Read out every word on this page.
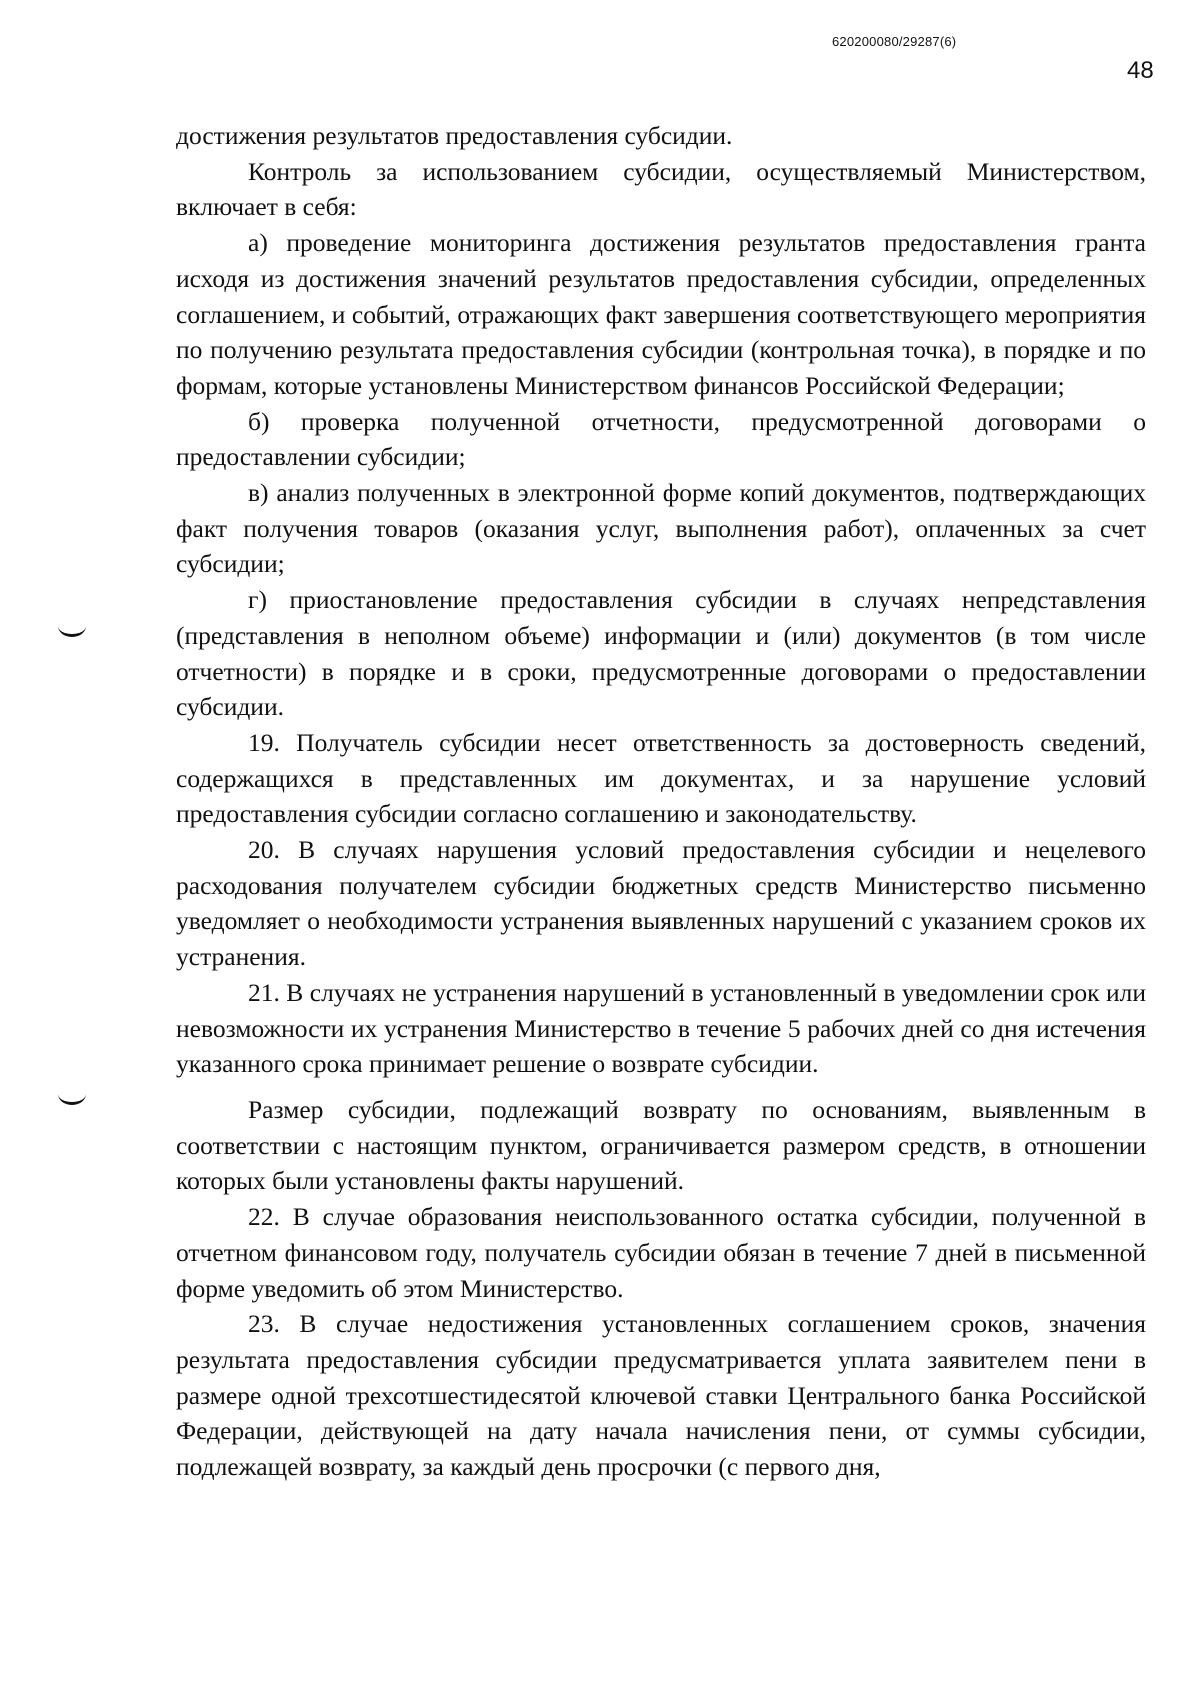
620200080/29287(6)
48

достижения результатов предоставления субсидии.

Контроль за использованием субсидии, осуществляемый Министерством, включает в себя:

а) проведение мониторинга достижения результатов предоставления гранта исходя из достижения значений результатов предоставления субсидии, определенных соглашением, и событий, отражающих факт завершения соответствующего мероприятия по получению результата предоставления субсидии (контрольная точка), в порядке и по формам, которые установлены Министерством финансов Российской Федерации;

б) проверка полученной отчетности, предусмотренной договорами о предоставлении субсидии;

в) анализ полученных в электронной форме копий документов, подтверждающих факт получения товаров (оказания услуг, выполнения работ), оплаченных за счет субсидии;

г) приостановление предоставления субсидии в случаях непредставления (представления в неполном объеме) информации и (или) документов (в том числе отчетности) в порядке и в сроки, предусмотренные договорами о предоставлении субсидии.

19. Получатель субсидии несет ответственность за достоверность сведений, содержащихся в представленных им документах, и за нарушение условий предоставления субсидии согласно соглашению и законодательству.

20. В случаях нарушения условий предоставления субсидии и нецелевого расходования получателем субсидии бюджетных средств Министерство письменно уведомляет о необходимости устранения выявленных нарушений с указанием сроков их устранения.

21. В случаях не устранения нарушений в установленный в уведомлении срок или невозможности их устранения Министерство в течение 5 рабочих дней со дня истечения указанного срока принимает решение о возврате субсидии.

Размер субсидии, подлежащий возврату по основаниям, выявленным в соответствии с настоящим пунктом, ограничивается размером средств, в отношении которых были установлены факты нарушений.

22. В случае образования неиспользованного остатка субсидии, полученной в отчетном финансовом году, получатель субсидии обязан в течение 7 дней в письменной форме уведомить об этом Министерство.

23. В случае недостижения установленных соглашением сроков, значения результата предоставления субсидии предусматривается уплата заявителем пени в размере одной трехсотшестидесятой ключевой ставки Центрального банка Российской Федерации, действующей на дату начала начисления пени, от суммы субсидии, подлежащей возврату, за каждый день просрочки (с первого дня,
